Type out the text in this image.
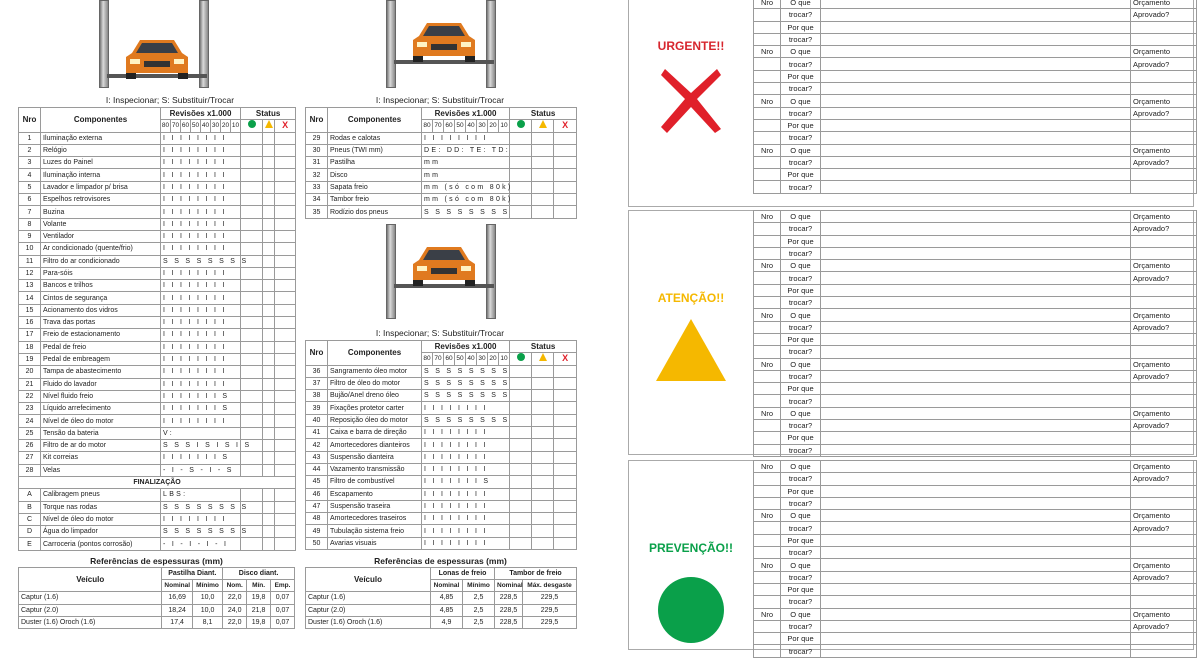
I: Inspecionar; S: Substituir/Trocar	I: Inspecionar; S: Substituir/Trocar
I: Inspecionar; S: Substituir/Trocar
Nro	Componentes	Revisões x1.000								Status		
		80	70	60	50	40	30	20	10			X
1	Iluminação externa	I I I I I I I I										
2	Relógio	I I I I I I I I										
3	Luzes do Painel	I I I I I I I I										
4	Iluminação interna	I I I I I I I I										
5	Lavador e limpador p/ brisa	I I I I I I I I										
6	Espelhos retrovisores	I I I I I I I I										
7	Buzina	I I I I I I I I										
8	Volante	I I I I I I I I										
9	Ventilador	I I I I I I I I										
10	Ar condicionado (quente/frio)	I I I I I I I I										
11	Filtro do ar condicionado	S S S S S S S S										
12	Para-sóis	I I I I I I I I										
13	Bancos e trilhos	I I I I I I I I										
14	Cintos de segurança	I I I I I I I I										
15	Acionamento dos vidros	I I I I I I I I										
16	Trava das portas	I I I I I I I I										
17	Freio de estacionamento	I I I I I I I I										
18	Pedal de freio	I I I I I I I I										
19	Pedal de embreagem	I I I I I I I I										
20	Tampa de abastecimento	I I I I I I I I										
21	Fluido do lavador	I I I I I I I I										
22	Nível fluido freio	I I I I I I I S										
23	Líquido arrefecimento	I I I I I I I S										
24	Nível de óleo do motor	I I I I I I I I										
25	Tensão da bateria	V:										
26	Filtro de ar do motor	S S S I S I S I S										
27	Kit correias	I I I I I I I S										
28	Velas	- I - S - I - S										
FINALIZAÇÃO												
A	Calibragem pneus	LBS:										
B	Torque nas rodas	S S S S S S S S										
C	Nível de óleo do motor	I I I I I I I I										
D	Água do limpador	S S S S S S S S										
E	Carroceria (pontos corrosão)	- I - I - I - I										
Nro	Componentes	Revisões x1.000								Status		
		80	70	60	50	40	30	20	10			X
29	Rodas e calotas	I I I I I I I I										
30	Pneus (TWI mm)	DE: DD: TE: TD:										
31	Pastilha	mm										
32	Disco	mm										
33	Sapata freio	mm (só com 80k)										
34	Tambor freio	mm (só com 80k)										
35	Rodízio dos pneus	S S S S S S S S										
Nro	Componentes	Revisões x1.000								Status		
		80	70	60	50	40	30	20	10			X
36	Sangramento óleo motor	S S S S S S S S										
37	Filtro de óleo do motor	S S S S S S S S										
38	Bujão/Anel dreno óleo	S S S S S S S S										
39	Fixações protetor carter	I I I I I I I I										
40	Reposição óleo do motor	S S S S S S S S										
41	Caixa e barra de direção	I I I I I I I I										
42	Amortecedores dianteiros	I I I I I I I I										
43	Suspensão dianteira	I I I I I I I I										
44	Vazamento transmissão	I I I I I I I I										
45	Filtro de combustível	I I I I I I I S										
46	Escapamento	I I I I I I I I										
47	Suspensão traseira	I I I I I I I I										
48	Amortecedores traseiros	I I I I I I I I										
49	Tubulação sistema freio	I I I I I I I I										
50	Avarias visuais	I I I I I I I I										
Referências de espessuras (mm)
Veículo	Pastilha Diant.		Disco diant.		
	Nominal	Mínimo	Nom.	Mín.	Emp.
Captur (1.6)	16,69	10,0	22,0	19,8	0,07
Captur (2.0)	18,24	10,0	24,0	21,8	0,07
Duster (1.6) Oroch (1.6)	17,4	8,1	22,0	19,8	0,07
Referências de espessuras (mm)
Veículo	Lonas de freio		Tambor de freio	
	Nominal	Mínimo	Nominal	Máx. desgaste
Captur (1.6)	4,85	2,5	228,5	229,5
Captur (2.0)	4,85	2,5	228,5	229,5
Duster (1.6) Oroch (1.6)	4,9	2,5	228,5	229,5
URGENTE!!
Nro	O que		Orçamento
	trocar?		Aprovado?
	Por que		
	trocar?		
Nro	O que		Orçamento
	trocar?		Aprovado?
	Por que		
	trocar?		
Nro	O que		Orçamento
	trocar?		Aprovado?
	Por que		
	trocar?		
Nro	O que		Orçamento
	trocar?		Aprovado?
	Por que		
	trocar?		
ATENÇÃO!!
Nro	O que		Orçamento
	trocar?		Aprovado?
	Por que		
	trocar?		
Nro	O que		Orçamento
	trocar?		Aprovado?
	Por que		
	trocar?		
Nro	O que		Orçamento
	trocar?		Aprovado?
	Por que		
	trocar?		
Nro	O que		Orçamento
	trocar?		Aprovado?
	Por que		
	trocar?		
Nro	O que		Orçamento
	trocar?		Aprovado?
	Por que		
	trocar?		
PREVENÇÃO!!
Nro	O que		Orçamento
	trocar?		Aprovado?
	Por que		
	trocar?		
Nro	O que		Orçamento
	trocar?		Aprovado?
	Por que		
	trocar?		
Nro	O que		Orçamento
	trocar?		Aprovado?
	Por que		
	trocar?		
Nro	O que		Orçamento
	trocar?		Aprovado?
	Por que		
	trocar?		
